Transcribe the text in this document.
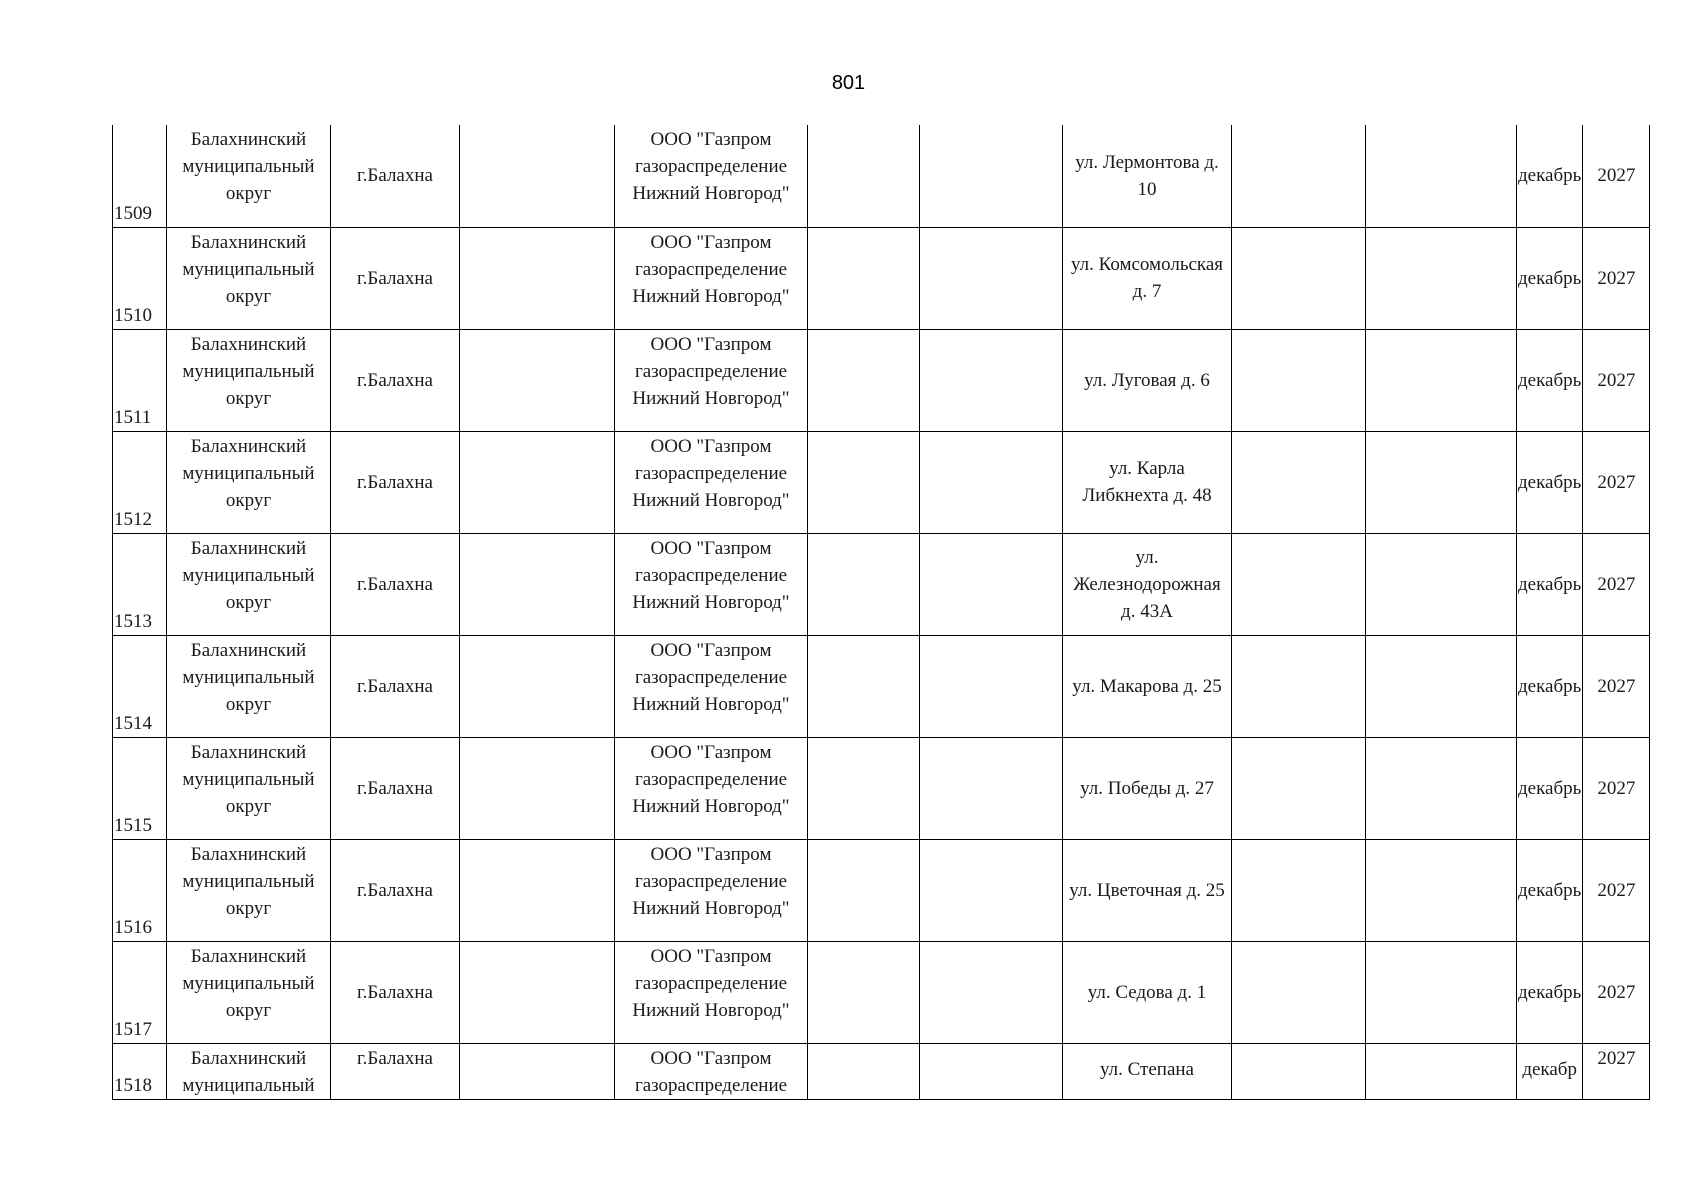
801
1509	Балахнинский муниципальный округ	г.Балахна		ООО "Газпром газораспределение Нижний Новгород"			ул. Лермонтова д. 10			декабрь	2027
1510	Балахнинский муниципальный округ	г.Балахна		ООО "Газпром газораспределение Нижний Новгород"			ул. Комсомольская д. 7			декабрь	2027
1511	Балахнинский муниципальный округ	г.Балахна		ООО "Газпром газораспределение Нижний Новгород"			ул. Луговая д. 6			декабрь	2027
1512	Балахнинский муниципальный округ	г.Балахна		ООО "Газпром газораспределение Нижний Новгород"			ул. Карла Либкнехта д. 48			декабрь	2027
1513	Балахнинский муниципальный округ	г.Балахна		ООО "Газпром газораспределение Нижний Новгород"			ул. Железнодорожная д. 43А			декабрь	2027
1514	Балахнинский муниципальный округ	г.Балахна		ООО "Газпром газораспределение Нижний Новгород"			ул. Макарова д. 25			декабрь	2027
1515	Балахнинский муниципальный округ	г.Балахна		ООО "Газпром газораспределение Нижний Новгород"			ул. Победы д. 27			декабрь	2027
1516	Балахнинский муниципальный округ	г.Балахна		ООО "Газпром газораспределение Нижний Новгород"			ул. Цветочная д. 25			декабрь	2027
1517	Балахнинский муниципальный округ	г.Балахна		ООО "Газпром газораспределение Нижний Новгород"			ул. Седова д. 1			декабрь	2027
1518	Балахнинский муниципальный	г.Балахна		ООО "Газпром газораспределение			ул. Степана			декабр	2027
